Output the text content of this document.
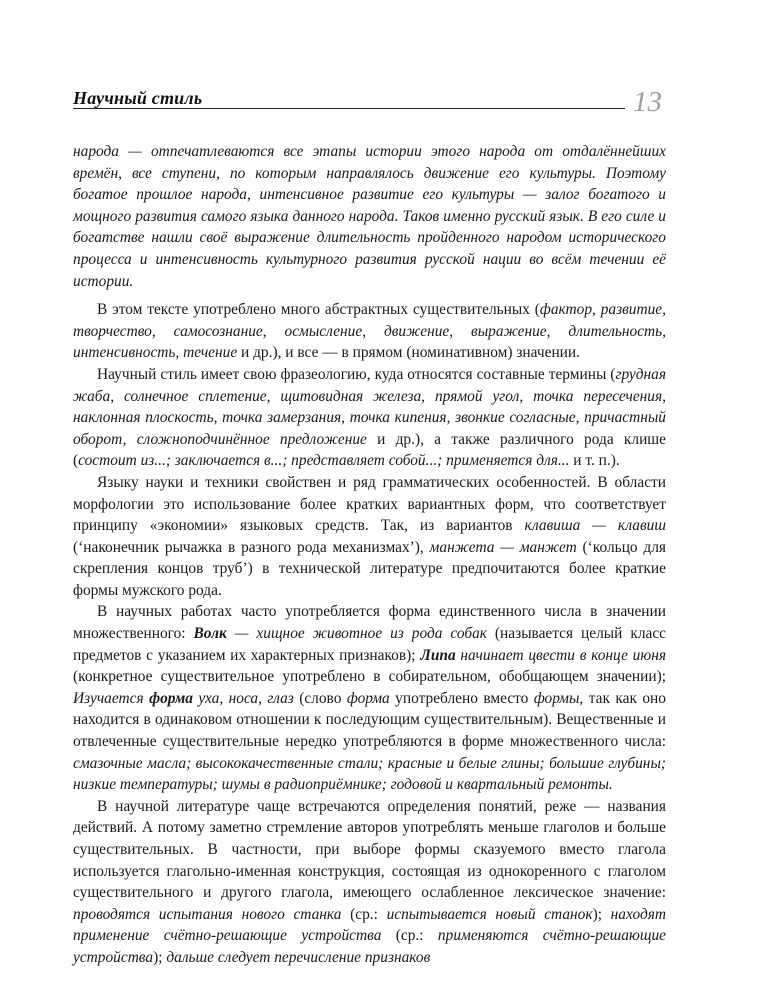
Научный стиль	13

народа — отпечатлеваются все этапы истории этого народа от отдалённейших времён, все ступени, по которым направлялось движение его культуры. Поэтому богатое прошлое народа, интенсивное развитие его культуры — залог богатого и мощного развития самого языка данного народа. Таков именно русский язык. В его силе и богатстве нашли своё выражение длительность пройденного народом исторического процесса и интенсивность культурного развития русской нации во всём течении её истории.

В этом тексте употреблено много абстрактных существительных (фактор, развитие, творчество, самосознание, осмысление, движение, выражение, длительность, интенсивность, течение и др.), и все — в прямом (номинативном) значении.

Научный стиль имеет свою фразеологию, куда относятся составные термины (грудная жаба, солнечное сплетение, щитовидная железа, прямой угол, точка пересечения, наклонная плоскость, точка замерзания, точка кипения, звонкие согласные, причастный оборот, сложноподчинённое предложение и др.), а также различного рода клише (состоит из...; заключается в...; представляет собой...; применяется для... и т. п.).

Языку науки и техники свойствен и ряд грамматических особенностей. В области морфологии это использование более кратких вариантных форм, что соответствует принципу «экономии» языковых средств. Так, из вариантов клавиша — клавиш (‘наконечник рычажка в разного рода механизмах’), манжета — манжет (‘кольцо для скрепления концов труб’) в технической литературе предпочитаются более краткие формы мужского рода.

В научных работах часто употребляется форма единственного числа в значении множественного: Волк — хищное животное из рода собак (называется целый класс предметов с указанием их характерных признаков); Липа начинает цвести в конце июня (конкретное существительное употреблено в собирательном, обобщающем значении); Изучается форма уха, носа, глаз (слово форма употреблено вместо формы, так как оно находится в одинаковом отношении к последующим существительным). Вещественные и отвлеченные существительные нередко употребляются в форме множественного числа: смазочные масла; высококачественные стали; красные и белые глины; большие глубины; низкие температуры; шумы в радиоприёмнике; годовой и квартальный ремонты.

В научной литературе чаще встречаются определения понятий, реже — названия действий. А потому заметно стремление авторов употреблять меньше глаголов и больше существительных. В частности, при выборе формы сказуемого вместо глагола используется глагольно-именная конструкция, состоящая из однокоренного с глаголом существительного и другого глагола, имеющего ослабленное лексическое значение: проводятся испытания нового станка (ср.: испытывается новый станок); находят применение счётно-решающие устройства (ср.: применяются счётно-решающие устройства); дальше следует перечисление признаков
